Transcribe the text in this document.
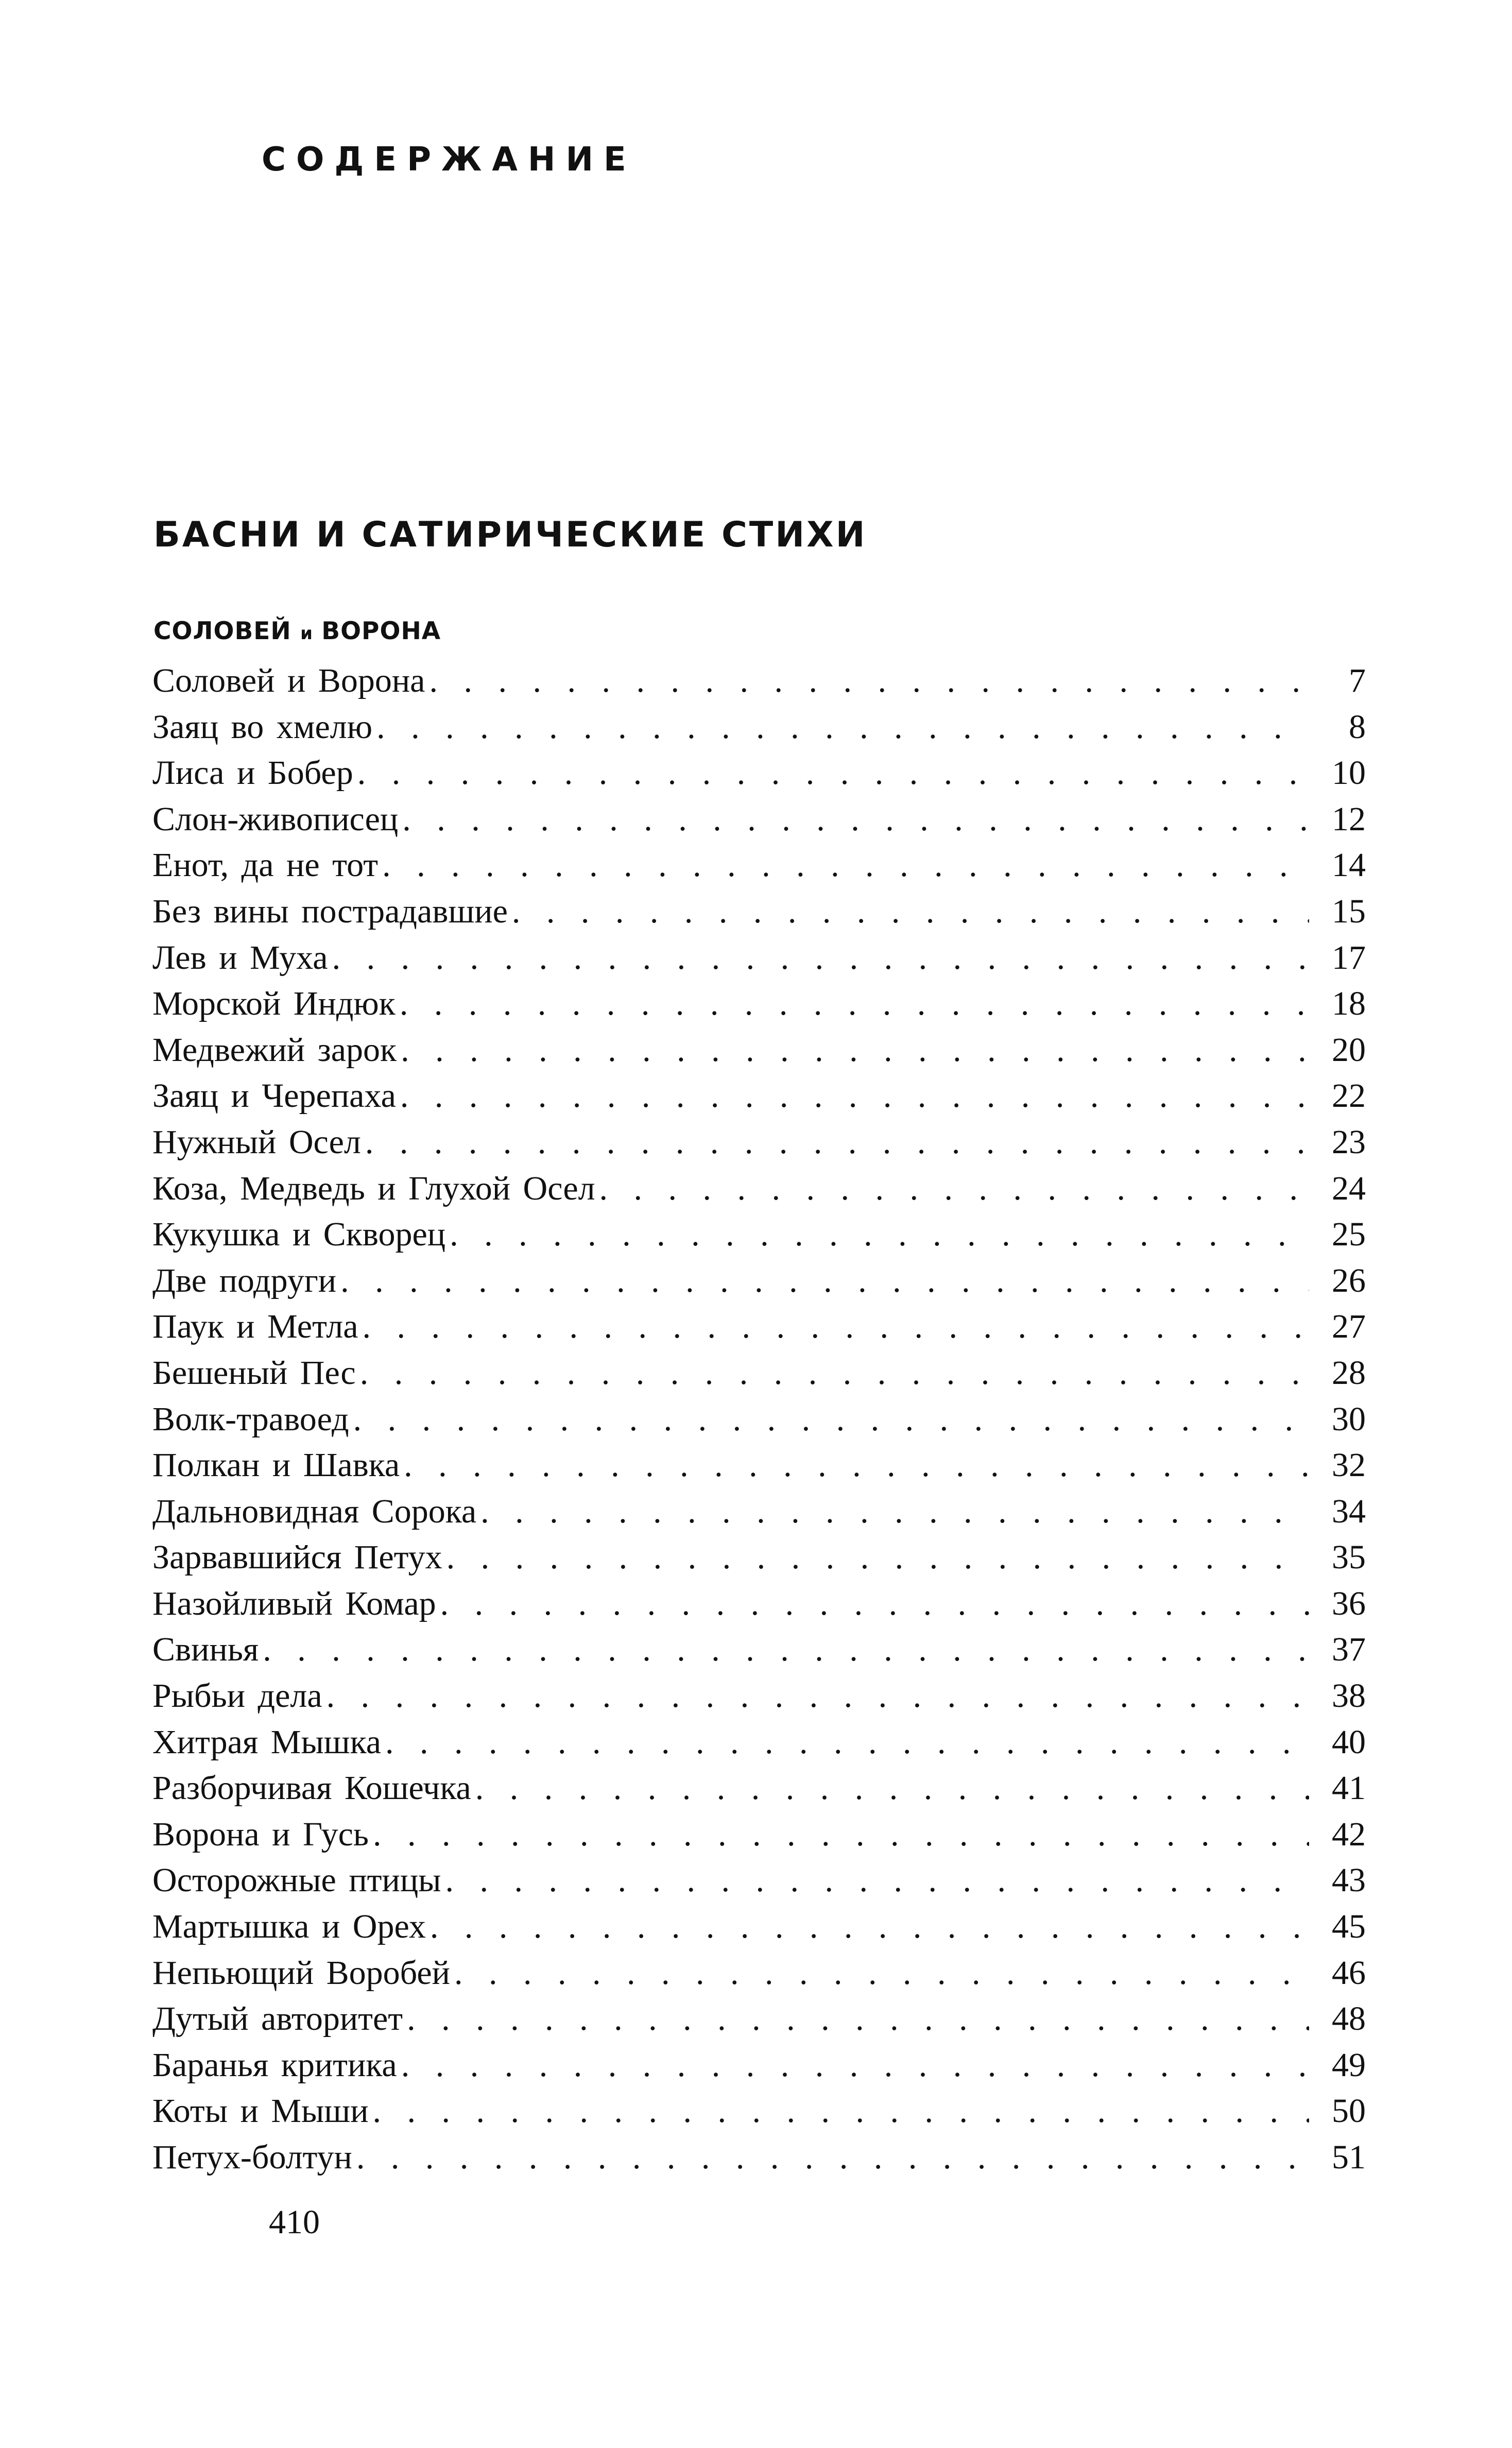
СОДЕРЖАНИЕ
БАСНИ И САТИРИЧЕСКИЕ СТИХИ
СОЛОВЕЙ и ВОРОНА
Соловей и Ворона . . .	7
Заяц во хмелю . . .	8
Лиса и Бобер . . .	10
Слон-живописец . . .	12
Енот, да не тот . . .	14
Без вины пострадавшие . . .	15
Лев и Муха . . .	17
Морской Индюк . . .	18
Медвежий зарок . . .	20
Заяц и Черепаха . . .	22
Нужный Осел . . .	23
Коза, Медведь и Глухой Осел . . .	24
Кукушка и Скворец . . .	25
Две подруги . . .	26
Паук и Метла . . .	27
Бешеный Пес . . .	28
Волк-травоед . . .	30
Полкан и Шавка . . .	32
Дальновидная Сорока . . .	34
Зарвавшийся Петух . . .	35
Назойливый Комар . . .	36
Свинья . . .	37
Рыбьи дела . . .	38
Хитрая Мышка . . .	40
Разборчивая Кошечка . . .	41
Ворона и Гусь . . .	42
Осторожные птицы . . .	43
Мартышка и Орех . . .	45
Непьющий Воробей . . .	46
Дутый авторитет . . .	48
Баранья критика . . .	49
Коты и Мыши . . .	50
Петух-болтун . . .	51
410
